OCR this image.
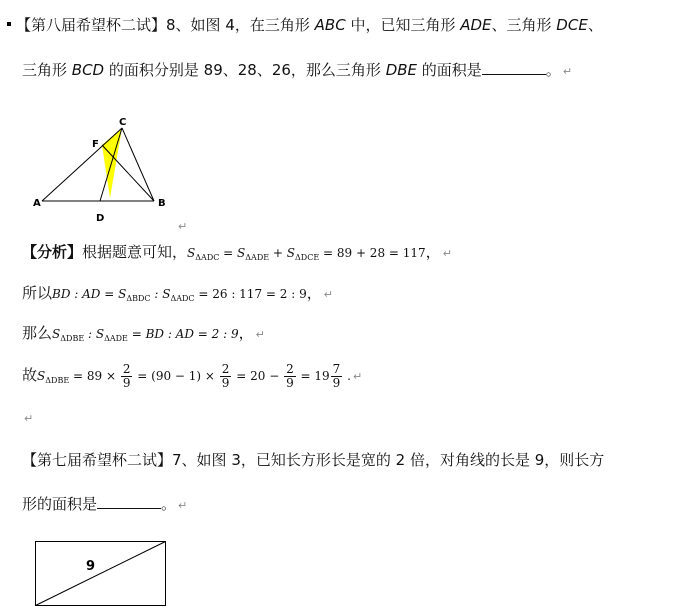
【第八届希望杯二试】8、如图 4，在三角形 ABC 中，已知三角形 ADE、三角形 DCE、
三角形 BCD 的面积分别是 89、28、26，那么三角形 DBE 的面积是	。 ↵
A	B
C
D
F
↵
【分析】根据题意可知，$S_{\Delta ADC} = S_{\Delta ADE} + S_{\Delta DCE} = 89 + 28 = 117$， ↵
所以BD : AD = $S_{\Delta BDC}$ : $S_{\Delta ADC} = 26$ : 117 = 2 : 9， ↵
那么$S_{\Delta DBE}$ : $S_{\Delta ADE}$ = BD : AD = 2 : 9， ↵
故$S_{\Delta DBE} = 89 \times \frac{2}{9} = (90 - 1) \times \frac{2}{9} = 20 - \frac{2}{9} = 19 \frac{7}{9}$ . ↵
↵
【第七届希望杯二试】7、如图 3，已知长方形长是宽的 2 倍，对角线的长是 9，则长方
形的面积是	。 ↵
9
